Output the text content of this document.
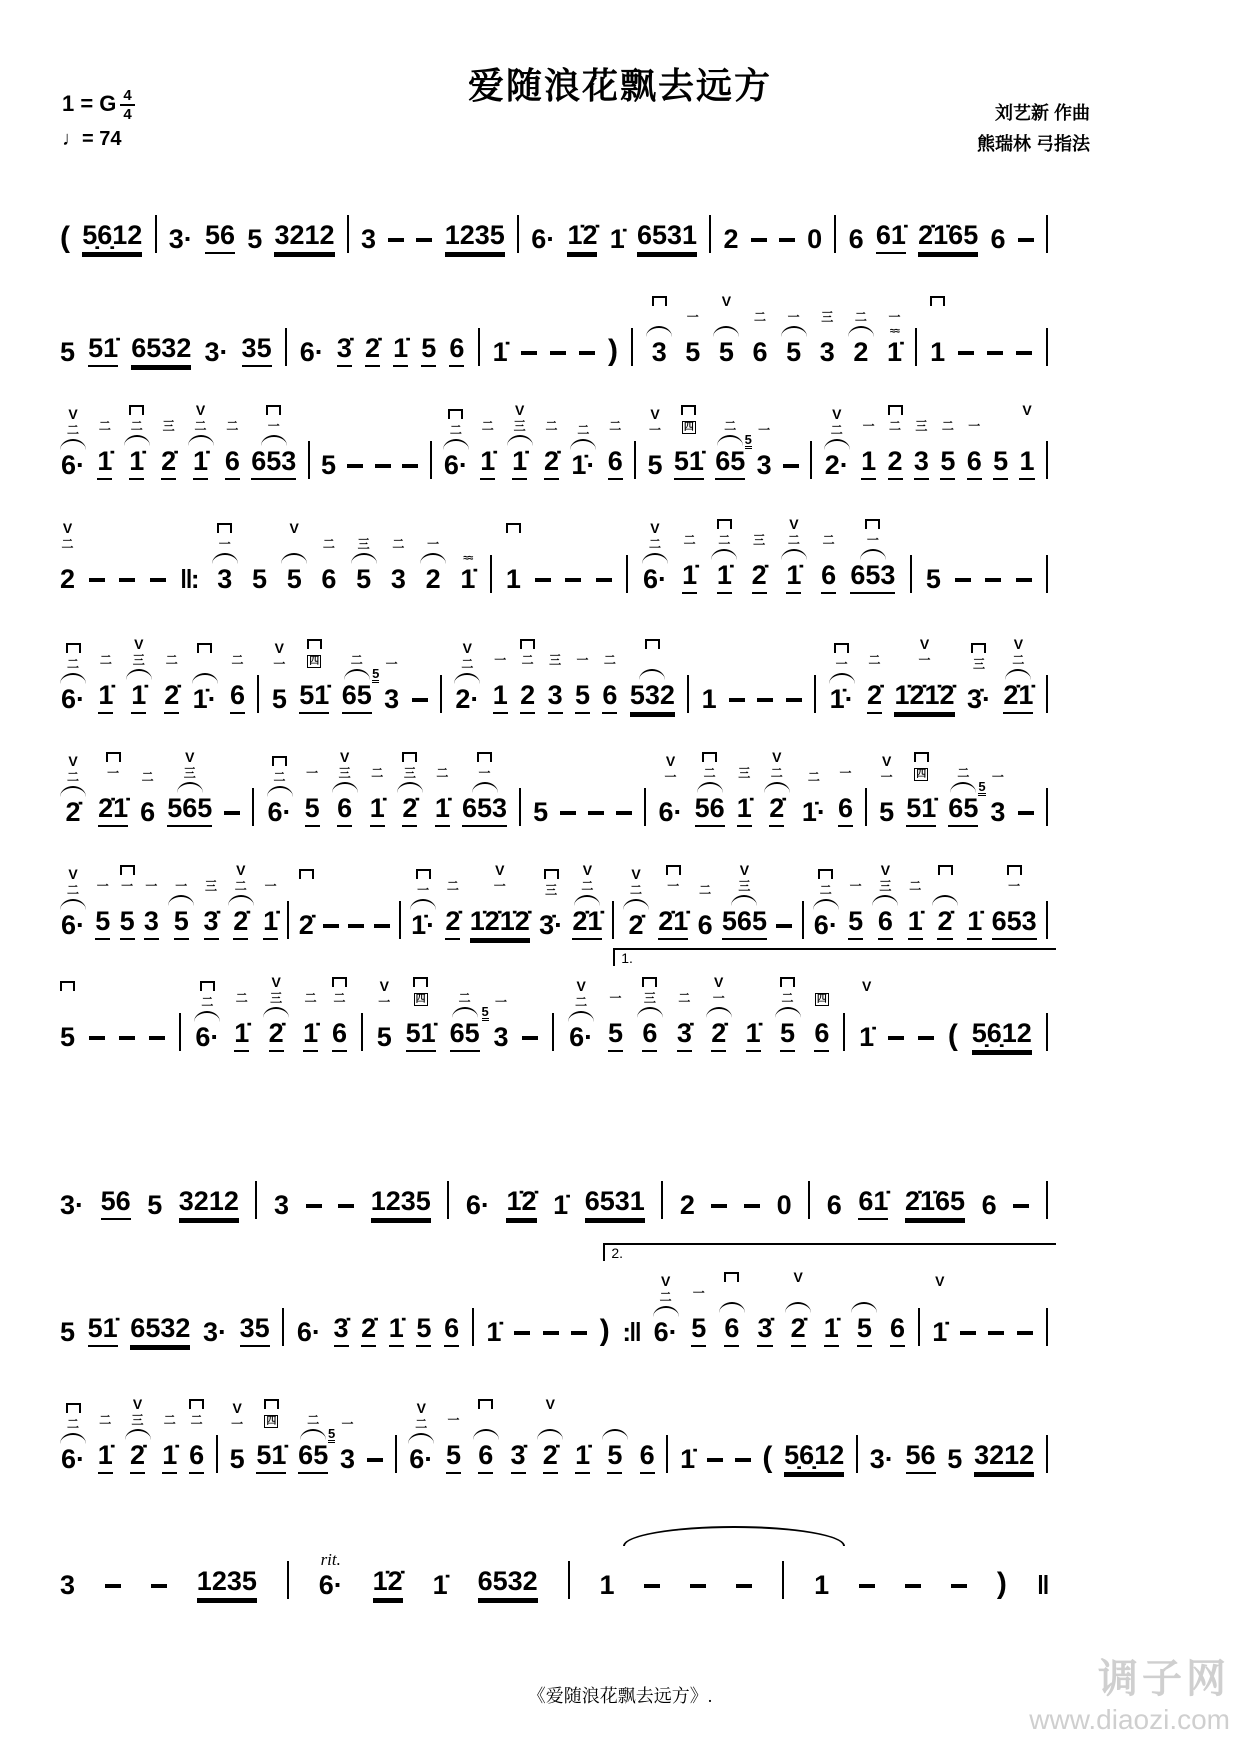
爱随浪花飘去远方
1 = G $\frac{4}{4}$
♩= 74
刘艺新 作曲
熊瑞林 弓指法
( 5̣6̣12 3· 56 5 3212 3	1235 6· 1̇2̇ 1̇ 6531 2	0 6 61̇ 2̇1̇65 6
5 51̇ 6532 3· 35 6· 3̇ 2̇ 1̇ 5 6 1̇	) 3
一
5
V
5
二
6
一
5
三
3
二
2
一
≈≈
1̇ 1
V
二
6·
二
1̇
二
1̇
三
2̇
V
二
1̇
二
6
一
653 5
二
6·
二
1̇
V
三
1̇
二
2̇
二
1̇·
二
6
V
一
5
四
51̇
二
65
一
3
5
V
二
2·
一
1
二
2
三
3
二
5
一
6 5
V
1
V
二
2	‖:
一
3 5
V
5
二
6
三
5
二
3
一
2
≈≈
1̇ 1
V
二
6·
二
1̇
二
1̇
三
2̇
V
二
1̇
二
6
一
653 5
二
6·
二
1̇
V
三
1̇
二
2̇ 1̇·
二
6
V
一
5
四
51̇
二
65
一
3
5
V
二
2·
一
1
二
2
三
3
一
5
二
6 532 1
一
1̇·
二
2̇
V
一
1̇2̇1̇2̇
三
3̇·
V
二
2̇1̇
V
二
2̇
一
2̇1̇
二
6
V
三
565
二
6·
一
5
V
三
6
二
1̇
三
2̇
二
1̇
一
653 5
V
一
6·
二
56
三
1̇
V
二
2̇
二
1̇·
一
6
V
一
5
四
51̇
二
65
一
3
5
V
二
6·
一
5
一
5
一
3
一
5
三
3̇
V
二
2̇
一
1̇ 2̇
一
1̇·
二
2̇
V
一
1̇2̇1̇2̇
三
3̇·
V
二
2̇1̇
V
二
2̇
一
2̇1̇
二
6
V
三
565
二
6·
一
5
V
三
6
二
1̇ 2̇ 1̇
一
653
1.
5
二
6·
二
1̇
V
三
2̇
二
1̇
二
6
V
一
5
四
51̇
二
65
一
3
5
V
二
6·
一
5
三
6
二
3̇
V
一
2̇ 1̇
二
5
四
6
V
1̇ ( 5̣6̣12
3· 56 5 3212 3	1235 6· 1̇2̇ 1̇ 6531 2	0 6 61̇ 2̇1̇65 6
2.
5 51̇ 6532 3· 35 6· 3̇ 2̇ 1̇ 5 6 1̇	) :‖
V
二
6·
一
5 6 3̇
V
2̇ 1̇ 5 6
V
1̇
二
6·
二
1̇
V
三
2̇
二
1̇
二
6
V
一
5
四
51̇
二
65
一
3
5
V
二
6·
一
5 6 3̇
V
2̇ 1̇ 5 6 1̇ ( 5̣6̣12 3· 56 5 3212
3	1235
rit.
6· 1̇2̇ 1̇ 6532 1	1	) ‖
《爱随浪花飘去远方》.	调子网
www.diaozi.com
